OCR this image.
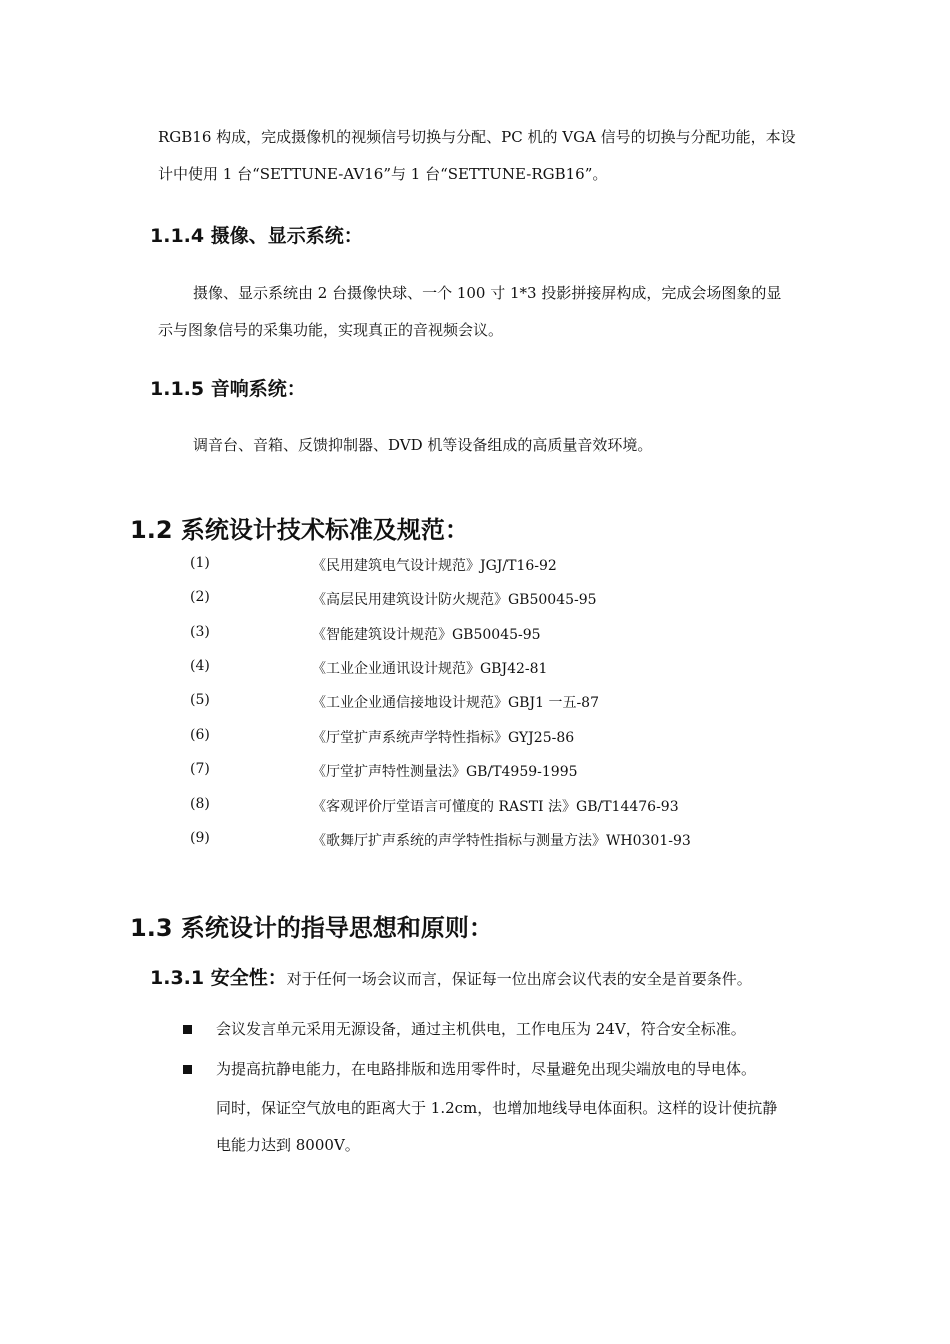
RGB16 构成，完成摄像机的视频信号切换与分配、PC 机的 VGA 信号的切换与分配功能，本设
计中使用 1 台“SETTUNE-AV16”与 1 台“SETTUNE-RGB16”。
1.1.4 摄像、显示系统：
摄像、显示系统由 2 台摄像快球、一个 100 寸 1*3 投影拼接屏构成，完成会场图象的显
示与图象信号的采集功能，实现真正的音视频会议。
1.1.5 音响系统：
调音台、音箱、反馈抑制器、DVD 机等设备组成的高质量音效环境。
1.2 系统设计技术标准及规范：
(1)	《民用建筑电气设计规范》JGJ/T16-92
(2)	《高层民用建筑设计防火规范》GB50045-95
(3)	《智能建筑设计规范》GB50045-95
(4)	《工业企业通讯设计规范》GBJ42-81
(5)	《工业企业通信接地设计规范》GBJ1 一五-87
(6)	《厅堂扩声系统声学特性指标》GYJ25-86
(7)	《厅堂扩声特性测量法》GB/T4959-1995
(8)	《客观评价厅堂语言可懂度的 RASTI 法》GB/T14476-93
(9)	《歌舞厅扩声系统的声学特性指标与测量方法》WH0301-93
1.3 系统设计的指导思想和原则：
1.3.1 安全性：对于任何一场会议而言，保证每一位出席会议代表的安全是首要条件。
会议发言单元采用无源设备，通过主机供电，工作电压为 24V，符合安全标准。
为提高抗静电能力，在电路排版和选用零件时，尽量避免出现尖端放电的导电体。
同时，保证空气放电的距离大于 1.2cm，也增加地线导电体面积。这样的设计使抗静
电能力达到 8000V。
